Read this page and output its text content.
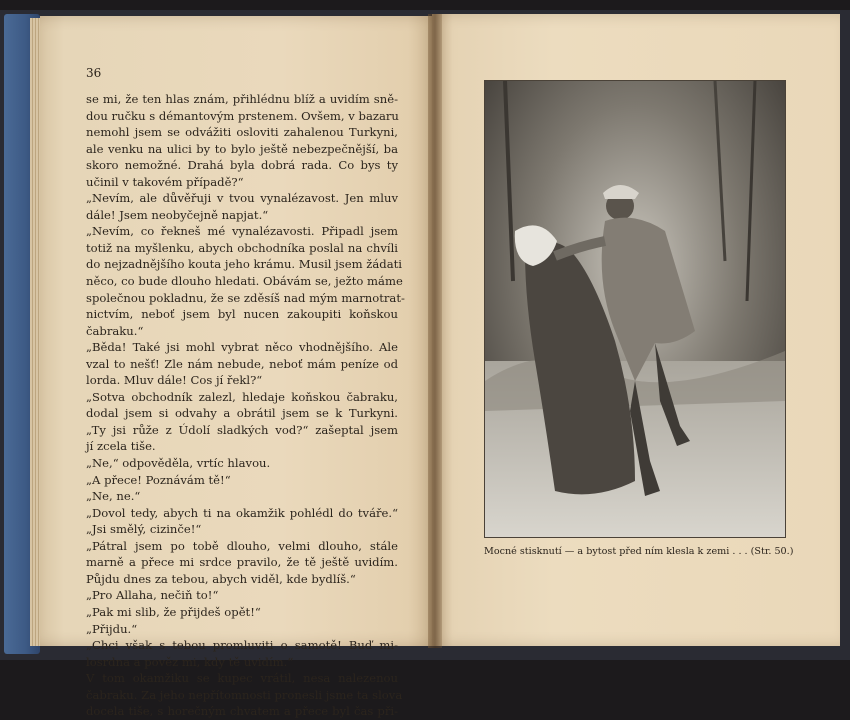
36
se mi, že ten hlas znám, přihlédnu blíž a uvidím sně-
dou ručku s démantovým prstenem. Ovšem, v bazaru
nemohl jsem se odvážiti osloviti zahalenou Turkyni,
ale venku na ulici by to bylo ještě nebezpečnější, ba
skoro nemožné. Drahá byla dobrá rada. Co bys ty
učinil v takovém případě?“
„Nevím, ale důvěřuji v tvou vynalézavost. Jen mluv
dále! Jsem neobyčejně napjat.“
„Nevím, co řekneš mé vynalézavosti. Připadl jsem
totiž na myšlenku, abych obchodníka poslal na chvíli
do nejzadnějšího kouta jeho krámu. Musil jsem žádati
něco, co bude dlouho hledati. Obávám se, ježto máme
společnou pokladnu, že se zděsíš nad mým marnotrat-
nictvím, neboť jsem byl nucen zakoupiti koňskou
čabraku.“
„Běda! Také jsi mohl vybrat něco vhodnějšího. Ale
vzal to nešť! Zle nám nebude, neboť mám peníze od
lorda. Mluv dále! Cos jí řekl?“
„Sotva obchodník zalezl, hledaje koňskou čabraku,
dodal jsem si odvahy a obrátil jsem se k Turkyni.
„Ty jsi růže z Údolí sladkých vod?“ zašeptal jsem
jí zcela tiše.
„Ne,“ odpověděla, vrtíc hlavou.
„A přece! Poznávám tě!“
„Ne, ne.“
„Dovol tedy, abych ti na okamžik pohlédl do tváře.“
„Jsi smělý, cizinče!“
„Pátral jsem po tobě dlouho, velmi dlouho, stále
marně a přece mi srdce pravilo, že tě ještě uvidím.
Půjdu dnes za tebou, abych viděl, kde bydlíš.“
„Pro Allaha, nečiň to!“
„Pak mi slib, že přijdeš opět!“
„Přijdu.“
„Chci však s tebou promluviti o samotě! Buď mi-
losrdna a pověz mi, kdy tě uvidím.“
V tom okamžiku se kupec vrátil, nesa nalezenou
čabraku. Za jeho nepřítomnosti pronesli jsme ta slova
docela tiše, s horečným chvatem a přece byl čas při-
Mocné stisknutí — a bytost před ním klesla k zemi . . . (Str. 50.)
